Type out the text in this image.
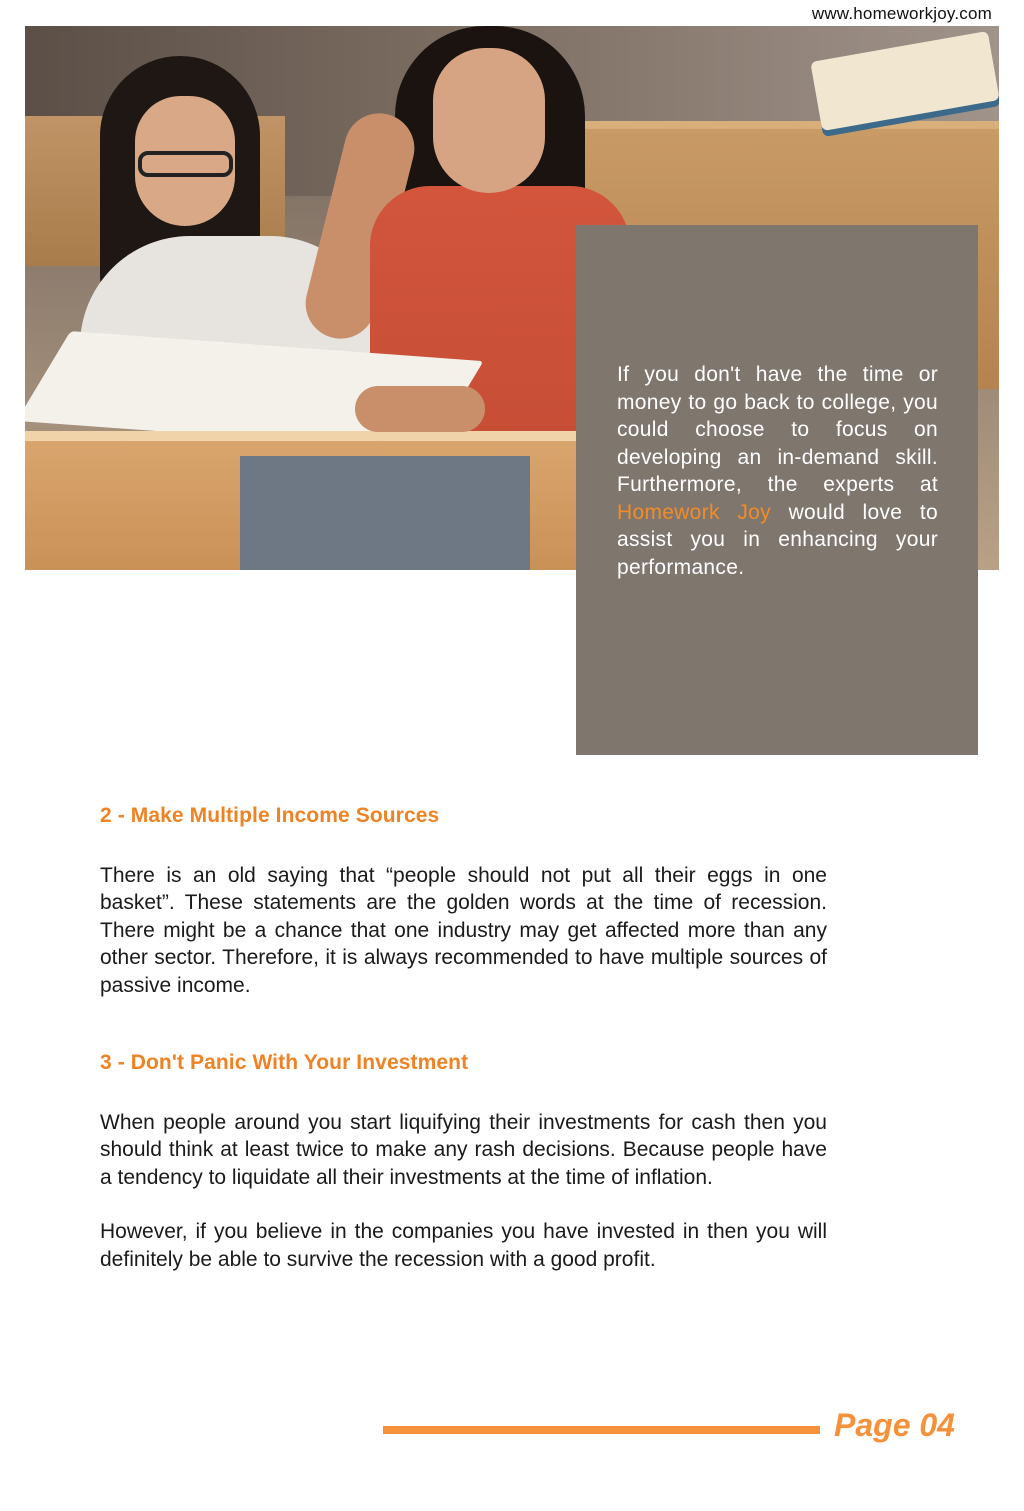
www.homeworkjoy.com

If you don't have the time or money to go back to college, you could choose to focus on developing an in-demand skill. Furthermore, the experts at Homework Joy would love to assist you in enhancing your performance.

2 - Make Multiple Income Sources

There is an old saying that “people should not put all their eggs in one basket”. These statements are the golden words at the time of recession. There might be a chance that one industry may get affected more than any other sector. Therefore, it is always recommended to have multiple sources of passive income.

3 - Don't Panic With Your Investment

When people around you start liquifying their investments for cash then you should think at least twice to make any rash decisions. Because people have a tendency to liquidate all their investments at the time of inflation.

However, if you believe in the companies you have invested in then you will definitely be able to survive the recession with a good profit.

Page 04
